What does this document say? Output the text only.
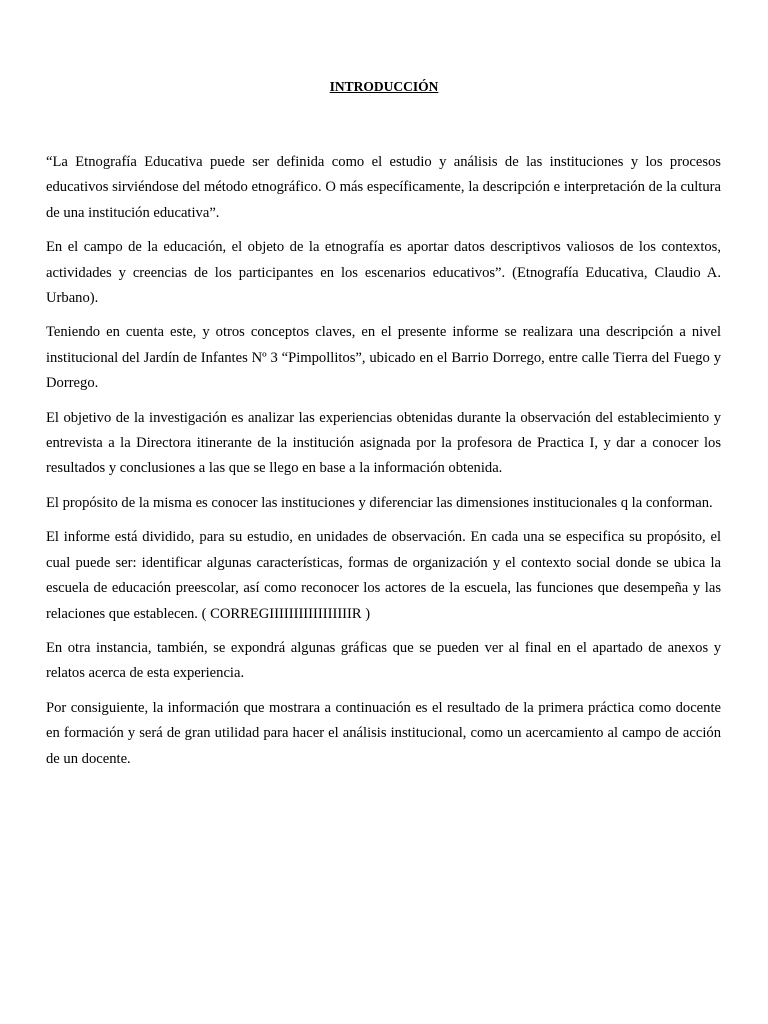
INTRODUCCIÓN

“La Etnografía Educativa puede ser definida como el estudio y análisis de las instituciones y los procesos educativos sirviéndose del método etnográfico. O más específicamente, la descripción e interpretación de la cultura de una institución educativa”.

En el campo de la educación, el objeto de la etnografía es aportar datos descriptivos valiosos de los contextos, actividades y creencias de los participantes en los escenarios educativos”. (Etnografía Educativa, Claudio A. Urbano).

Teniendo en cuenta este, y otros conceptos claves, en el presente informe se realizara una descripción a nivel institucional del Jardín de Infantes Nº 3 “Pimpollitos”, ubicado en el Barrio Dorrego, entre calle Tierra del Fuego y Dorrego.

El objetivo de la investigación es analizar las experiencias obtenidas durante la observación del establecimiento y entrevista a la Directora itinerante de la institución asignada por la profesora de Practica I, y dar a conocer los resultados y conclusiones a las que se llego en base a la información obtenida.

El propósito de la misma es conocer las instituciones y diferenciar las dimensiones institucionales q la conforman.

El informe está dividido, para su estudio, en unidades de observación. En cada una se especifica su propósito, el cual puede ser: identificar algunas características, formas de organización y el contexto social donde se ubica la escuela de educación preescolar, así como reconocer los actores de la escuela, las funciones que desempeña y las relaciones que establecen. ( CORREGIIIIIIIIIIIIIIIIIR )

En otra instancia, también, se expondrá algunas gráficas que se pueden ver al final en el apartado de anexos y relatos acerca de esta experiencia.

Por consiguiente, la información que mostrara a continuación es el resultado de la primera práctica como docente en formación y será de gran utilidad para hacer el análisis institucional, como un acercamiento al campo de acción de un docente.
